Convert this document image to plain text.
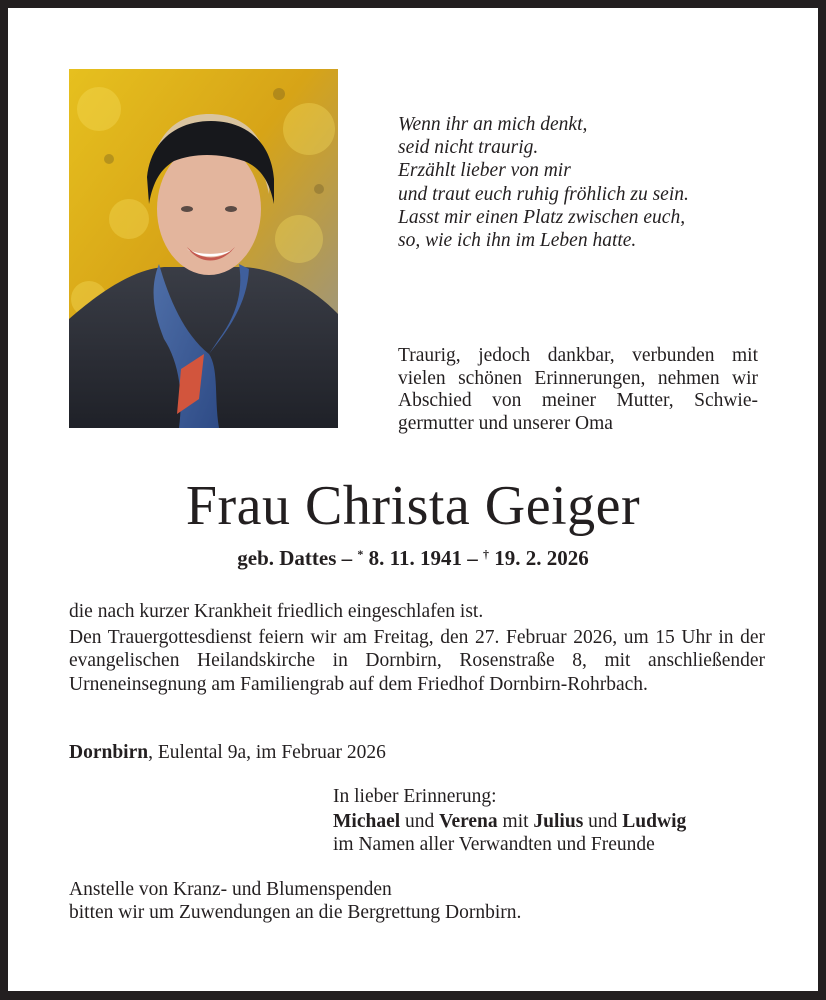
Wenn ihr an mich denkt,
seid nicht traurig.
Erzählt lieber von mir
und traut euch ruhig fröhlich zu sein.
Lasst mir einen Platz zwischen euch,
so, wie ich ihn im Leben hatte.
Traurig, jedoch dankbar, verbunden mit vielen schönen Erinnerungen, nehmen wir Abschied von meiner Mutter, Schwie-germutter und unserer Oma
Frau Christa Geiger
geb. Dattes – * 8. 11. 1941 – † 19. 2. 2026

die nach kurzer Krankheit friedlich eingeschlafen ist.

Den Trauergottesdienst feiern wir am Freitag, den 27. Februar 2026, um 15 Uhr in der evangelischen Heilandskirche in Dornbirn, Rosenstraße 8, mit anschließender Urneneinsegnung am Familiengrab auf dem Friedhof Dornbirn-Rohrbach.

Dornbirn, Eulental 9a, im Februar 2026
In lieber Erinnerung:
Michael und Verena mit Julius und Ludwig
im Namen aller Verwandten und Freunde
Anstelle von Kranz- und Blumenspenden
bitten wir um Zuwendungen an die Bergrettung Dornbirn.
